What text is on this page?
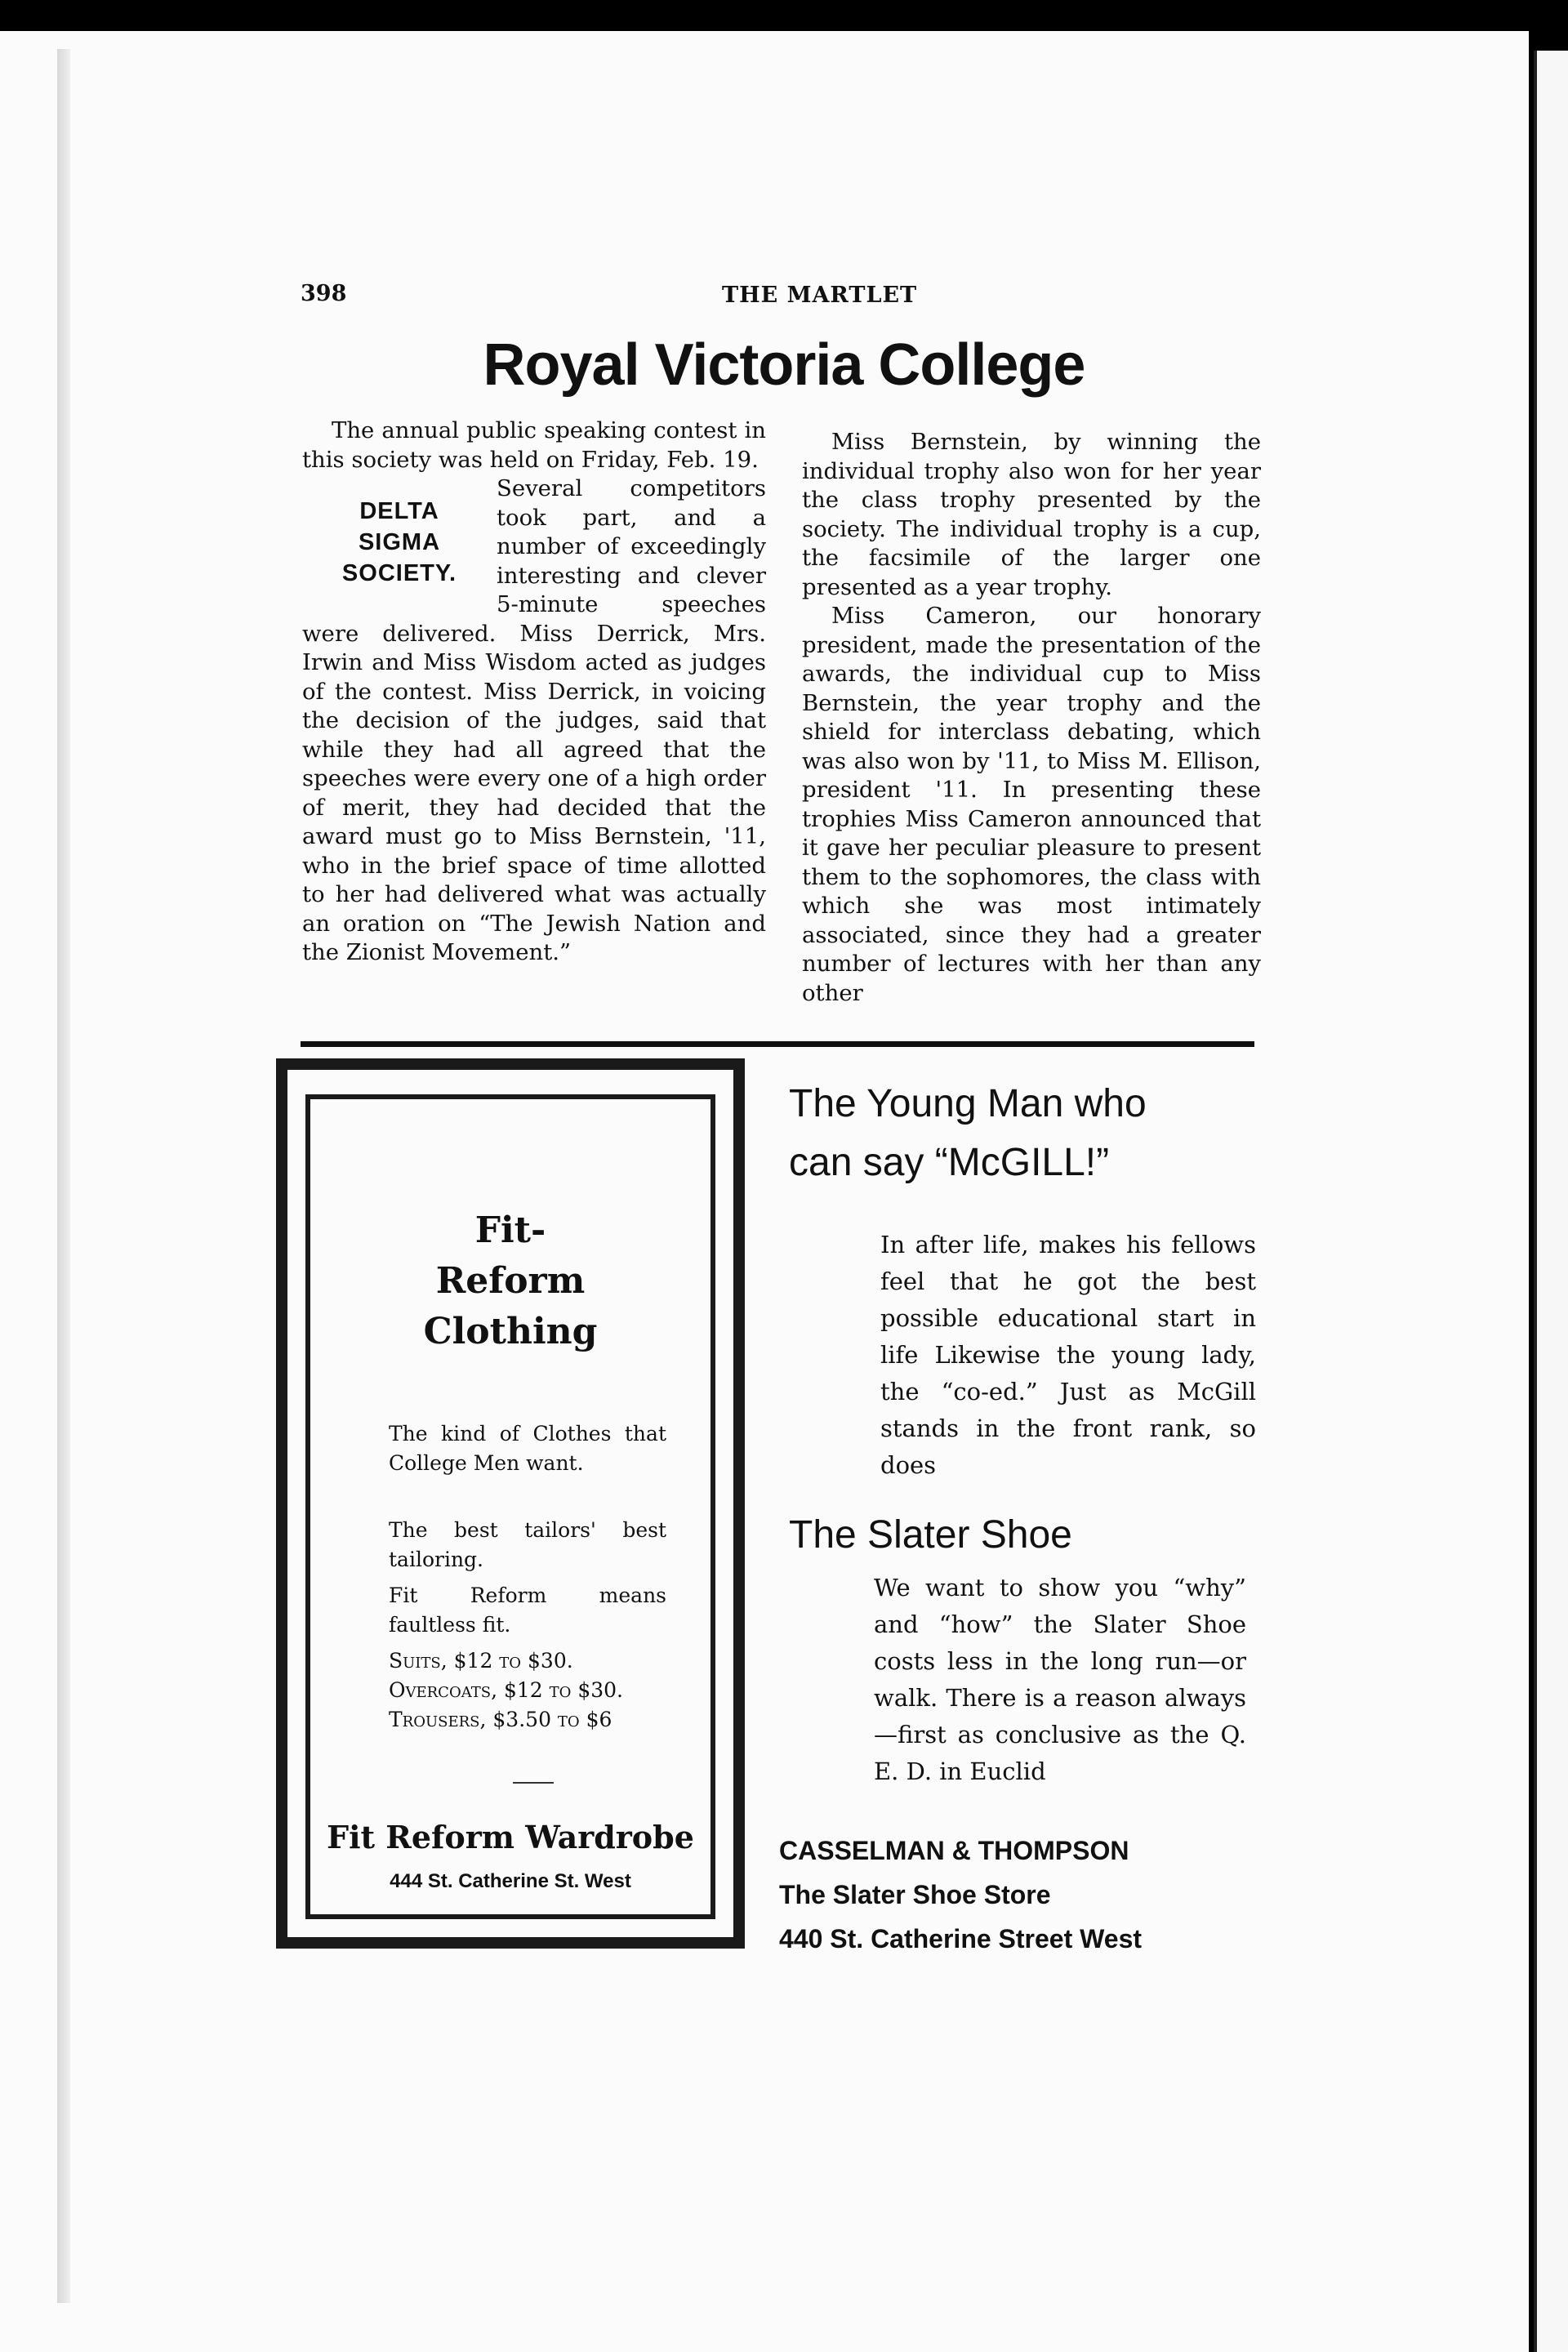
398	THE MARTLET
Royal Victoria College

The annual public speaking contest in this society was held on Friday, Feb. 19.

DELTA
SIGMA
SOCIETY.
Several competitors took part, and a number of exceedingly interesting and clever 5-minute speeches were delivered. Miss Derrick, Mrs. Irwin and Miss Wisdom acted as judges of the contest. Miss Derrick, in voicing the decision of the judges, said that while they had all agreed that the speeches were every one of a high order of merit, they had decided that the award must go to Miss Bernstein, '11, who in the brief space of time allotted to her had delivered what was actually an oration on “The Jewish Nation and the Zionist Movement.”

Miss Bernstein, by winning the individual trophy also won for her year the class trophy presented by the society. The individual trophy is a cup, the facsimile of the larger one presented as a year trophy.

Miss Cameron, our honorary president, made the presentation of the awards, the individual cup to Miss Bernstein, the year trophy and the shield for interclass debating, which was also won by '11, to Miss M. Ellison, president '11. In presenting these trophies Miss Cameron announced that it gave her peculiar pleasure to present them to the sophomores, the class with which she was most intimately associated, since they had a greater number of lectures with her than any other

Fit-
Reform
Clothing
The kind of Clothes that College Men want.
The best tailors' best tailoring.
Fit Reform means faultless fit.
Suits, $12 to $30.
Overcoats, $12 to $30.
Trousers, $3.50 to $6
Fit Reform Wardrobe
444 St. Catherine St. West
The Young Man who
can say “McGILL!”
In after life, makes his fellows feel that he got the best possible educational start in life Likewise the young lady, the “co-ed.” Just as McGill stands in the front rank, so does
The Slater Shoe
We want to show you “why” and “how” the Slater Shoe costs less in the long run—or walk. There is a reason always—first as conclusive as the Q. E. D. in Euclid
CASSELMAN & THOMPSON
The Slater Shoe Store
440 St. Catherine Street West
